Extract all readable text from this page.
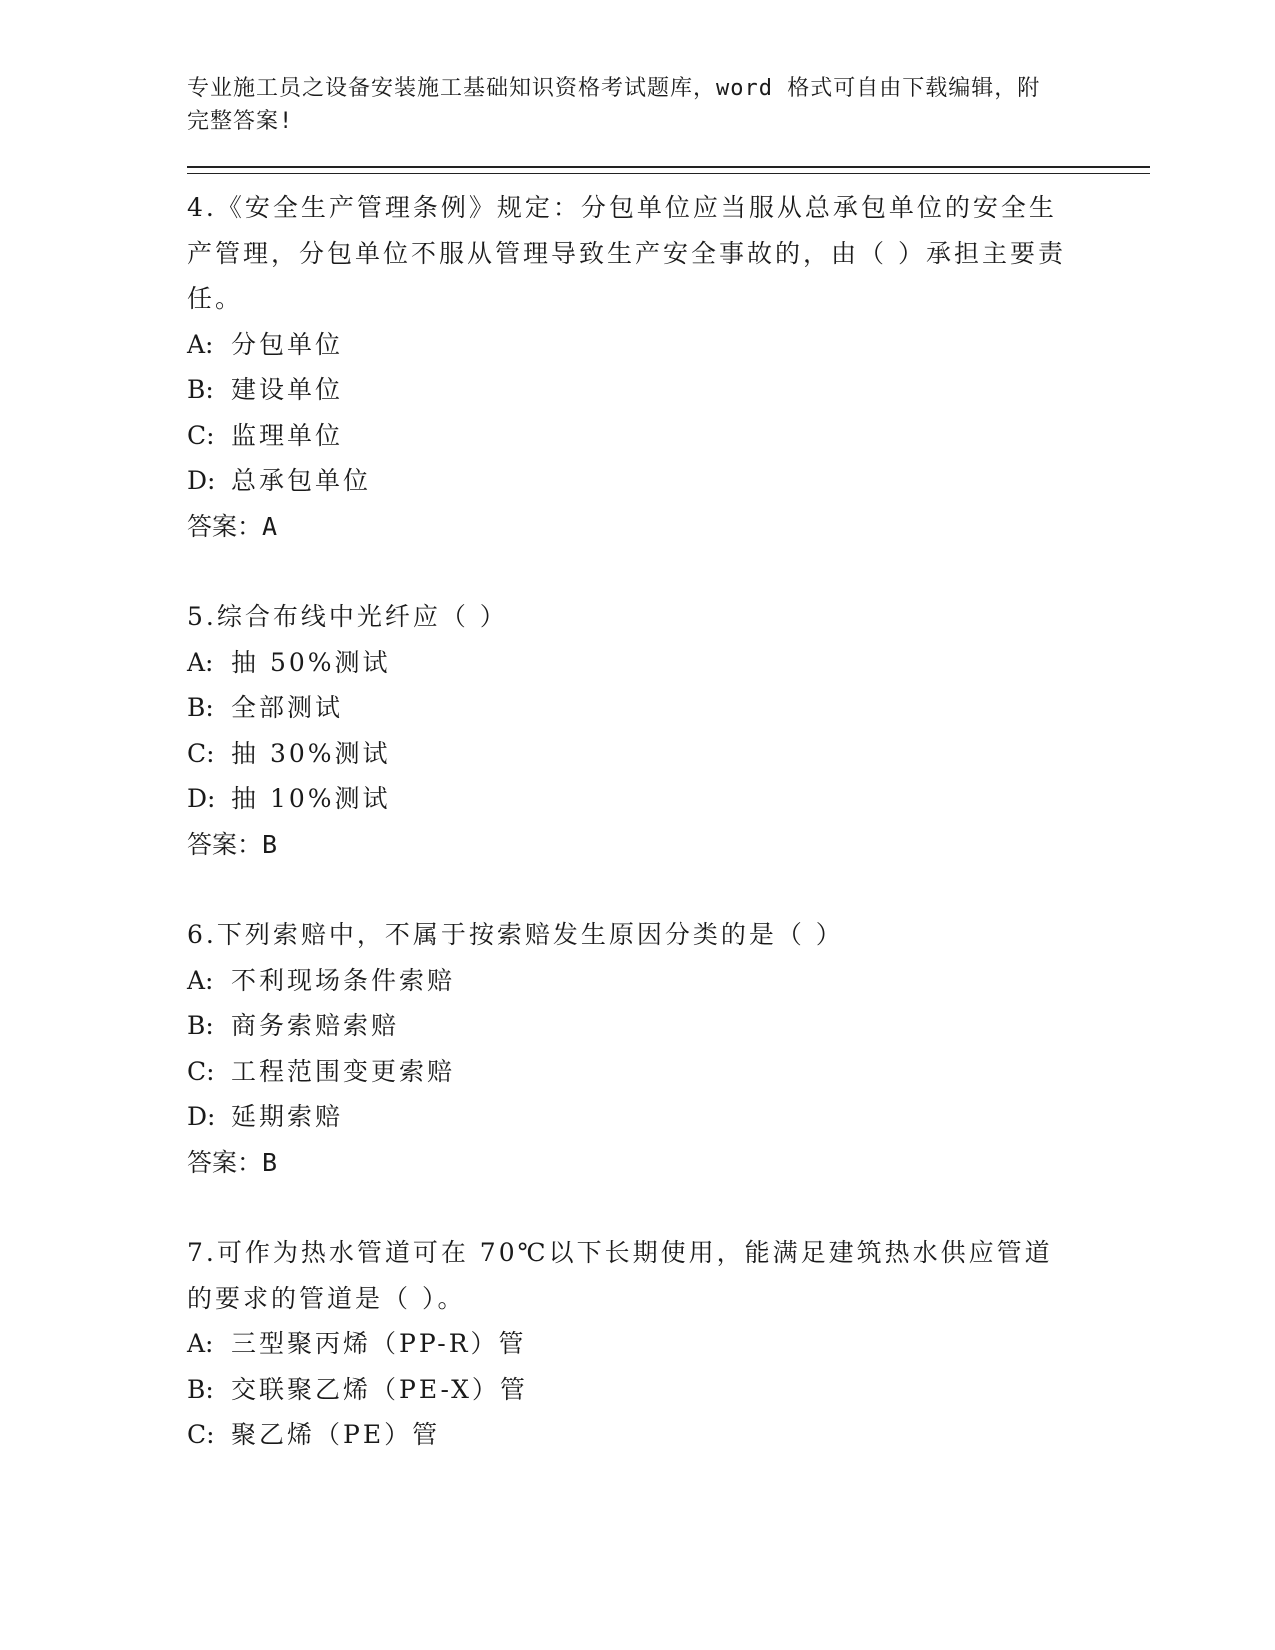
专业施工员之设备安装施工基础知识资格考试题库，word 格式可自由下载编辑，附完整答案!

4.《安全生产管理条例》规定：分包单位应当服从总承包单位的安全生产管理，分包单位不服从管理导致生产安全事故的，由（ ）承担主要责任。

A: 分包单位

B: 建设单位

C: 监理单位

D: 总承包单位

答案：A

5.综合布线中光纤应（ ）

A: 抽 50%测试

B: 全部测试

C: 抽 30%测试

D: 抽 10%测试

答案：B

6.下列索赔中，不属于按索赔发生原因分类的是（ ）

A: 不利现场条件索赔

B: 商务索赔索赔

C: 工程范围变更索赔

D: 延期索赔

答案：B

7.可作为热水管道可在 70℃以下长期使用，能满足建筑热水供应管道的要求的管道是（ ）。

A: 三型聚丙烯（PP-R）管

B: 交联聚乙烯（PE-X）管

C: 聚乙烯（PE）管
